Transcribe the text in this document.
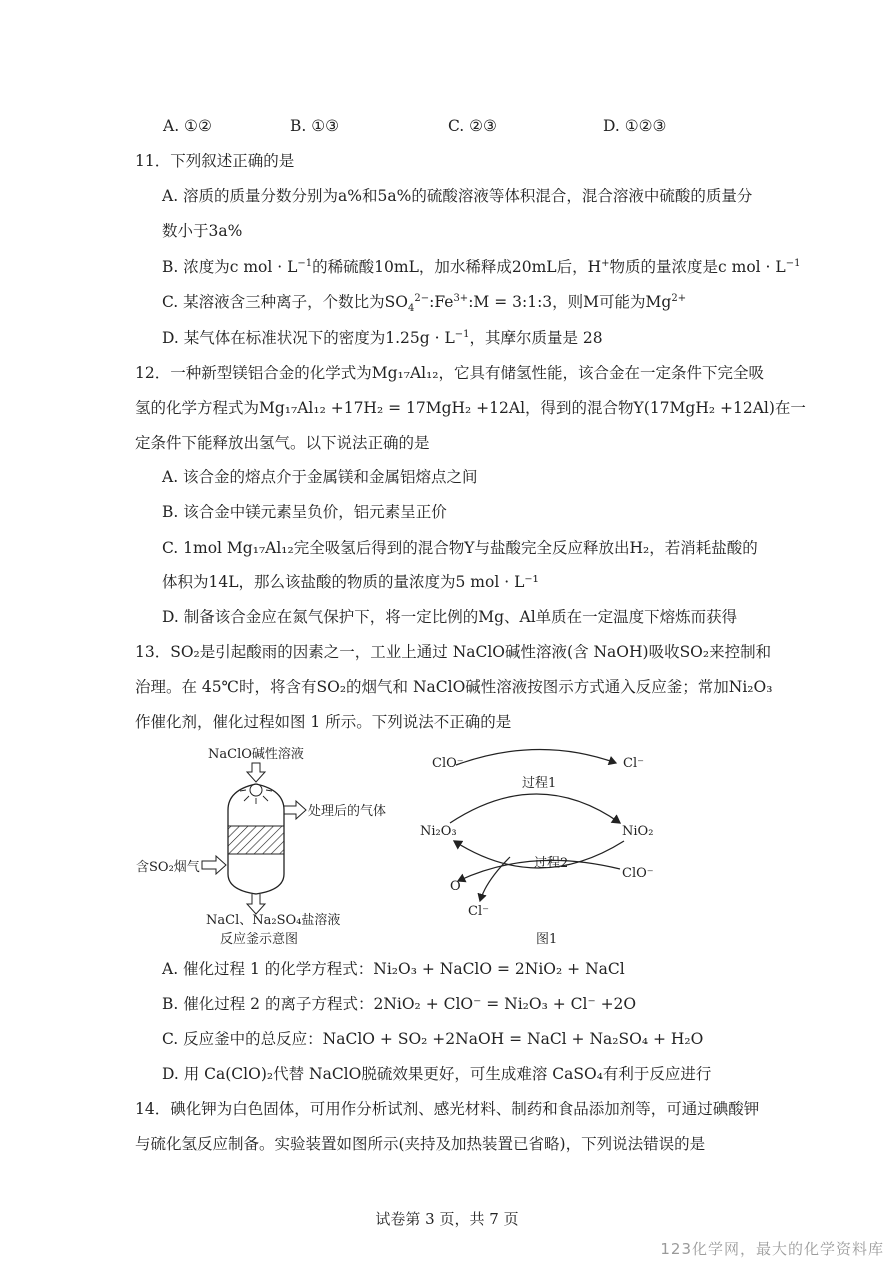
A. ①②	B. ①③	C. ②③	D. ①②③
11．下列叙述正确的是
A. 溶质的质量分数分别为a%和5a%的硫酸溶液等体积混合，混合溶液中硫酸的质量分
数小于3a%
B. 浓度为c mol · $L^{-1}$的稀硫酸10mL，加水稀释成20mL后，H+物质的量浓度是c mol · $L^{-1}$
C. 某溶液含三种离子，个数比为$SO_4^{2-}:Fe^{3+}:M$ = 3:1:3，则M可能为$Mg^{2+}$
D. 某气体在标准状况下的密度为$1.25g \cdot L^{-1}$，其摩尔质量是 28
12．一种新型镁铝合金的化学式为Mg₁₇Al₁₂，它具有储氢性能，该合金在一定条件下完全吸
氢的化学方程式为Mg₁₇Al₁₂ +17H₂ = 17MgH₂ +12Al，得到的混合物Y(17MgH₂ +12Al)在一
定条件下能释放出氢气。以下说法正确的是
A. 该合金的熔点介于金属镁和金属铝熔点之间
B. 该合金中镁元素呈负价，铝元素呈正价
C. 1mol Mg₁₇Al₁₂完全吸氢后得到的混合物Y与盐酸完全反应释放出H₂，若消耗盐酸的
体积为14L，那么该盐酸的物质的量浓度为5 mol · L⁻¹
D. 制备该合金应在氮气保护下，将一定比例的Mg、Al单质在一定温度下熔炼而获得
13．SO₂是引起酸雨的因素之一，工业上通过 NaClO碱性溶液(含 NaOH)吸收SO₂来控制和
治理。在 45℃时，将含有SO₂的烟气和 NaClO碱性溶液按图示方式通入反应釜；常加Ni₂O₃
作催化剂，催化过程如图 1 所示。下列说法不正确的是
NaClO碱性溶液
处理后的气体
含SO₂烟气
NaCl、Na₂SO₄盐溶液
反应釜示意图
ClO⁻	Cl⁻
过程1
Ni₂O₃	NiO₂
过程2
O
ClO⁻
Cl⁻
图1
A. 催化过程 1 的化学方程式：Ni₂O₃ + NaClO = 2NiO₂ + NaCl
B. 催化过程 2 的离子方程式：2NiO₂ + ClO⁻ = Ni₂O₃ + Cl⁻ +2O
C. 反应釜中的总反应：NaClO + SO₂ +2NaOH = NaCl + Na₂SO₄ + H₂O
D. 用 Ca(ClO)₂代替 NaClO脱硫效果更好，可生成难溶 CaSO₄有利于反应进行
14．碘化钾为白色固体，可用作分析试剂、感光材料、制药和食品添加剂等，可通过碘酸钾
与硫化氢反应制备。实验装置如图所示(夹持及加热装置已省略)，下列说法错误的是
试卷第 3 页，共 7 页
123化学网，最大的化学资料库
